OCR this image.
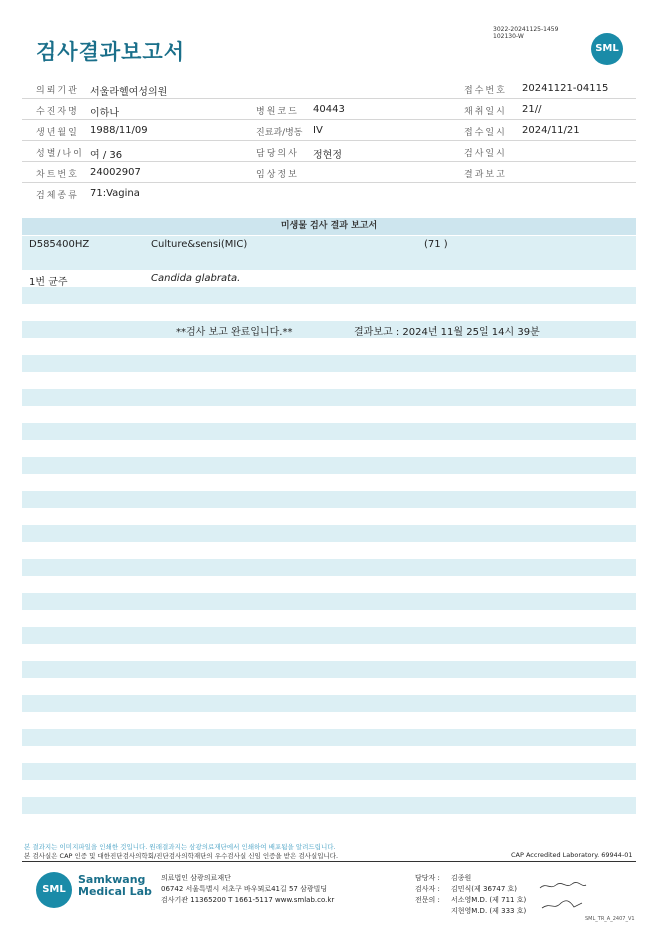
검사결과보고서
3022-20241125-1459
102130-W
SML
의뢰기관 서울라헬여성의원	접수번호 20241121-04115
수진자명 이하나	병원코드 40443	채취일시 21//
생년월일 1988/11/09	진료과/병동 IV	접수일시 2024/11/21
성별/나이 여 / 36	담당의사 정현정	검사일시
차트번호 24002907	임상정보	결과보고
검체종류 71:Vagina
미생물 검사 결과 보고서
D585400HZ	Culture&sensi(MIC)	(71 )
1번 균주	Candida glabrata.
**검사 보고 완료입니다.**	결과보고 : 2024년 11월 25일 14시 39분
본 결과지는 이미지파일을 인쇄한 것입니다. 원래결과지는 삼광의료재단에서 인쇄하여 배포됨을 알려드립니다.
본 검사실은 CAP 인증 및 대한진단검사의학회/진단검사의학재단의 우수검사실 신임 인증을 받은 검사실입니다.	CAP Accredited Laboratory. 69944-01
SML
Samkwang
Medical Lab
의료법인 삼광의료재단
06742 서울특별시 서초구 바우뫼로41길 57 삼광빌딩
검사기관 11365200 T 1661-5117 www.smlab.co.kr
담당자 : 김종원
검사자 : 김민식(제 36747 호)
전문의 : 서소영M.D. (제 711 호)
지현영M.D. (제 333 호)
SML_TR_A_2407_V1
